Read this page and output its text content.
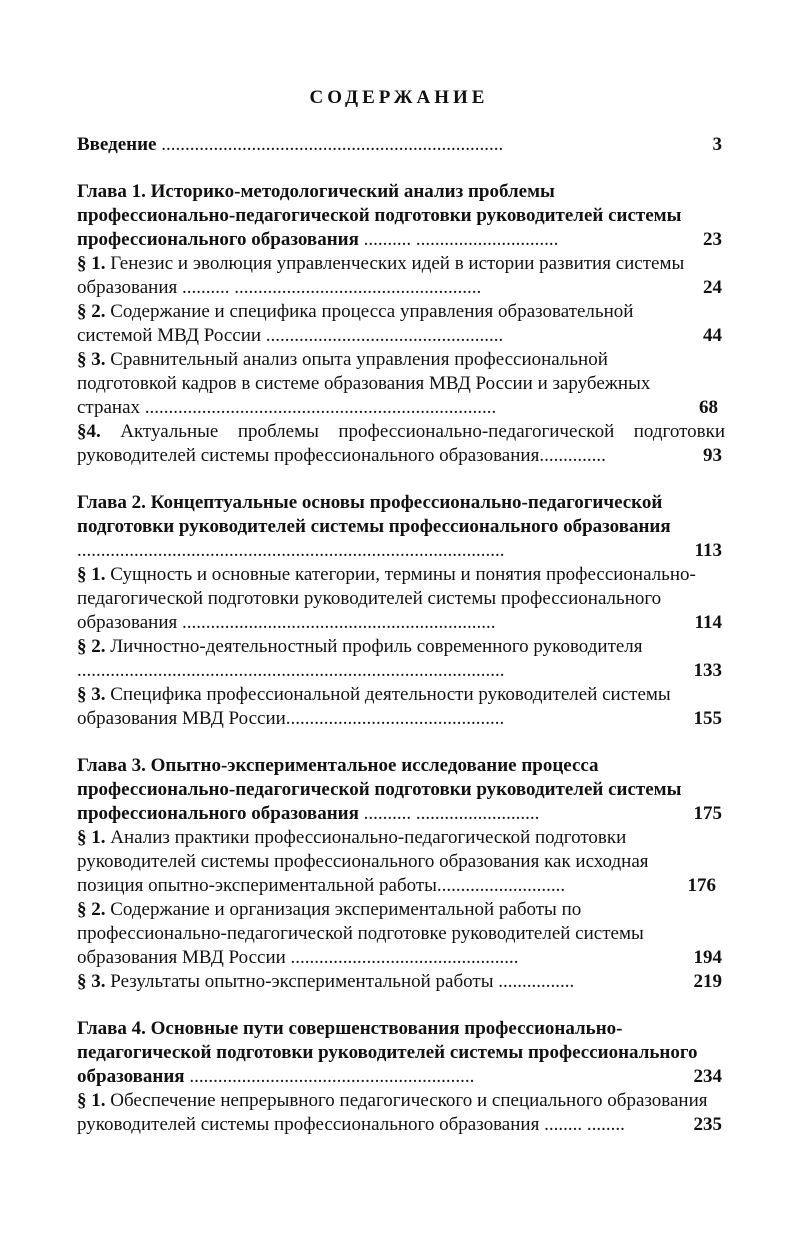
СОДЕРЖАНИЕ
Введение ........................................................................	3
Глава 1. Историко-методологический анализ проблемы
профессионально-педагогической подготовки руководителей системы
профессионального образования .......... ..............................	23
§ 1. Генезис и эволюция управленческих идей в истории развития системы
образования .......... ....................................................	24
§ 2. Содержание и специфика процесса управления образовательной
системой МВД России ..................................................	44
§ 3. Сравнительный анализ опыта управления профессиональной
подготовкой кадров в системе образования МВД России и зарубежных
странах ..........................................................................	68
§4. Актуальные проблемы профессионально-педагогической подготовки
руководителей системы профессионального образования..............	93
Глава 2. Концептуальные основы профессионально-педагогической
подготовки руководителей системы профессионального образования
..........................................................................................	113
§ 1. Сущность и основные категории, термины и понятия профессионально-
педагогической подготовки руководителей системы профессионального
образования ..................................................................	114
§ 2. Личностно-деятельностный профиль современного руководителя
..........................................................................................	133
§ 3. Специфика профессиональной деятельности руководителей системы
образования МВД России..............................................	155
Глава 3. Опытно-экспериментальное исследование процесса
профессионально-педагогической подготовки руководителей системы
профессионального образования .......... ..........................	175
§ 1. Анализ практики профессионально-педагогической подготовки
руководителей системы профессионального образования как исходная
позиция опытно-экспериментальной работы...........................	176
§ 2. Содержание и организация экспериментальной работы по
профессионально-педагогической подготовке руководителей системы
образования МВД России ................................................	194
§ 3. Результаты опытно-экспериментальной работы ................	219
Глава 4. Основные пути совершенствования профессионально-
педагогической подготовки руководителей системы профессионального
образования ............................................................	234
§ 1. Обеспечение непрерывного педагогического и специального образования
руководителей системы профессионального образования ........ ........	235
